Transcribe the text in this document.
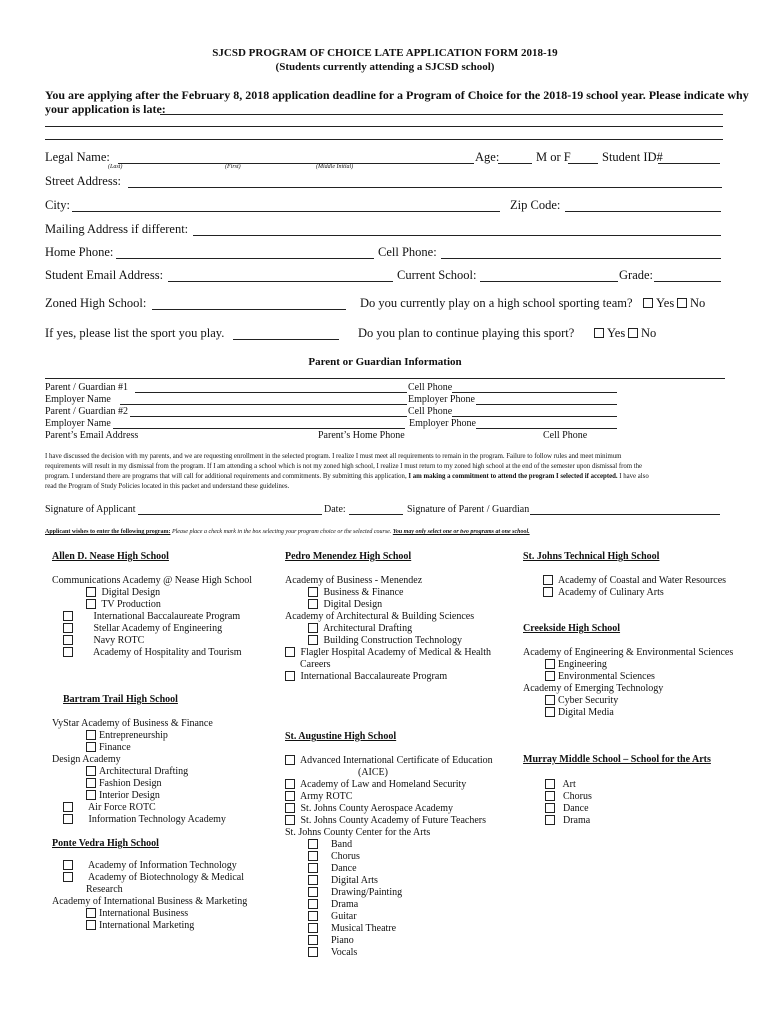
SJCSD PROGRAM OF CHOICE LATE APPLICATION FORM 2018-19
(Students currently attending a SJCSD school)
You are applying after the February 8, 2018 application deadline for a Program of Choice for the 2018-19 school year. Please indicate why
your application is late:
Legal Name:	Age:	M or F	Student ID#
(Last)	(First)	(Middle Initial)
Street Address:
City:	Zip Code:
Mailing Address if different:
Home Phone:	Cell Phone:
Student Email Address:	Current School:	Grade:
Zoned High School:	Do you currently play on a high school sporting team?	Yes	No
If yes, please list the sport you play.	Do you plan to continue playing this sport?	Yes	No
Parent or Guardian Information
Parent / Guardian #1	Cell Phone
Employer Name	Employer Phone
Parent / Guardian #2	Cell Phone
Employer Name	Employer Phone
Parent’s Email Address	Parent’s Home Phone	Cell Phone
I have discussed the decision with my parents, and we are requesting enrollment in the selected program. I realize I must meet all requirements to remain in the program. Failure to follow rules and meet minimum
requirements will result in my dismissal from the program. If I am attending a school which is not my zoned high school, I realize I must return to my zoned high school at the end of the semester upon dismissal from the
program. I understand there are programs that will call for additional requirements and commitments. By submitting this application, I am making a commitment to attend the program I selected if accepted. I have also
read the Program of Study Policies located in this packet and understand these guidelines.
Signature of Applicant	Date:	Signature of Parent / Guardian
Applicant wishes to enter the following program: Please place a check mark in the box selecting your program choice or the selected course. You may only select one or two programs at one school.
Allen D. Nease High School
Communications Academy @ Nease High School
Digital Design
TV Production
International Baccalaureate Program
Stellar Academy of Engineering
Navy ROTC
Academy of Hospitality and Tourism
Bartram Trail High School
VyStar Academy of Business & Finance
Entrepreneurship
Finance
Design Academy
Architectural Drafting
Fashion Design
Interior Design
Air Force ROTC
Information Technology Academy
Ponte Vedra High School
Academy of Information Technology
Academy of Biotechnology & Medical
Research
Academy of International Business & Marketing
International Business
International Marketing
Pedro Menendez High School
Academy of Business - Menendez
Business & Finance
Digital Design
Academy of Architectural & Building Sciences
Architectural Drafting
Building Construction Technology
Flagler Hospital Academy of Medical & Health
Careers
International Baccalaureate Program
St. Augustine High School
Advanced International Certificate of Education
(AICE)
Academy of Law and Homeland Security
Army ROTC
St. Johns County Aerospace Academy
St. Johns County Academy of Future Teachers
St. Johns County Center for the Arts
Band
Chorus
Dance
Digital Arts
Drawing/Painting
Drama
Guitar
Musical Theatre
Piano
Vocals
St. Johns Technical High School
Academy of Coastal and Water Resources
Academy of Culinary Arts
Creekside High School
Academy of Engineering & Environmental Sciences
Engineering
Environmental Sciences
Academy of Emerging Technology
Cyber Security
Digital Media
Murray Middle School – School for the Arts
Art
Chorus
Dance
Drama
